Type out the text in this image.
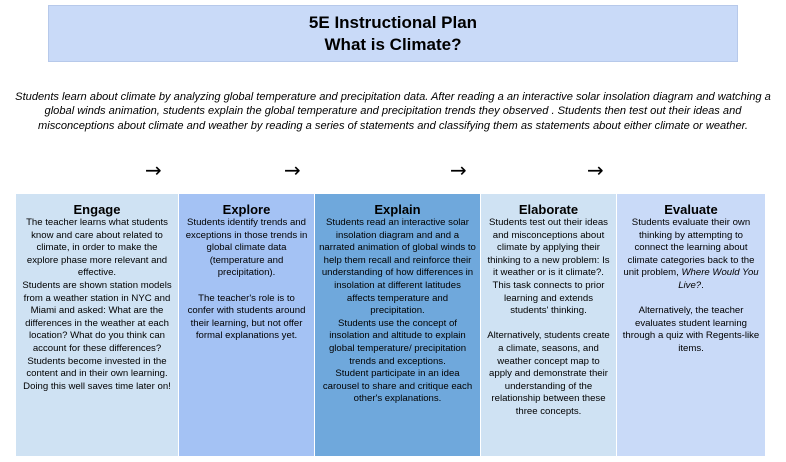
5E Instructional Plan
What is Climate?
Students learn about climate by analyzing global temperature and precipitation data. After reading a an interactive solar insolation diagram and watching a global winds animation, students explain the global temperature and precipitation trends they observed . Students then test out their ideas and misconceptions about climate and weather by reading a series of statements and classifying them as statements about either climate or weather.
→	→	→	→
Engage

The teacher learns what students know and care about related to climate, in order to make the explore phase more relevant and effective.

Students are shown station models from a weather station in NYC and Miami and asked: What are the differences in the weather at each location? What do you think can account for these differences?

Students become invested in the content and in their own learning. Doing this well saves time later on!

Explore

Students identify trends and exceptions in those trends in global climate data (temperature and precipitation).

The teacher's role is to confer with students around their learning, but not offer formal explanations yet.

Explain

Students read an interactive solar insolation diagram and and a narrated animation of global winds to help them recall and reinforce their understanding of how differences in insolation at different latitudes affects temperature and precipitation.

Students use the concept of insolation and altitude to explain global temperature/ precipitation trends and exceptions.

Student participate in an idea carousel to share and critique each other's explanations.

Elaborate

Students test out their ideas and misconceptions about climate by applying their thinking to a new problem: Is it weather or is it climate?. This task connects to prior learning and extends students' thinking.

Alternatively, students create a climate, seasons, and weather concept map to apply and demonstrate their understanding of the relationship between these three concepts.

Evaluate

Students evaluate their own thinking by attempting to connect the learning about climate categories back to the unit problem, Where Would You Live?.

Alternatively, the teacher evaluates student learning through a quiz with Regents-like items.
